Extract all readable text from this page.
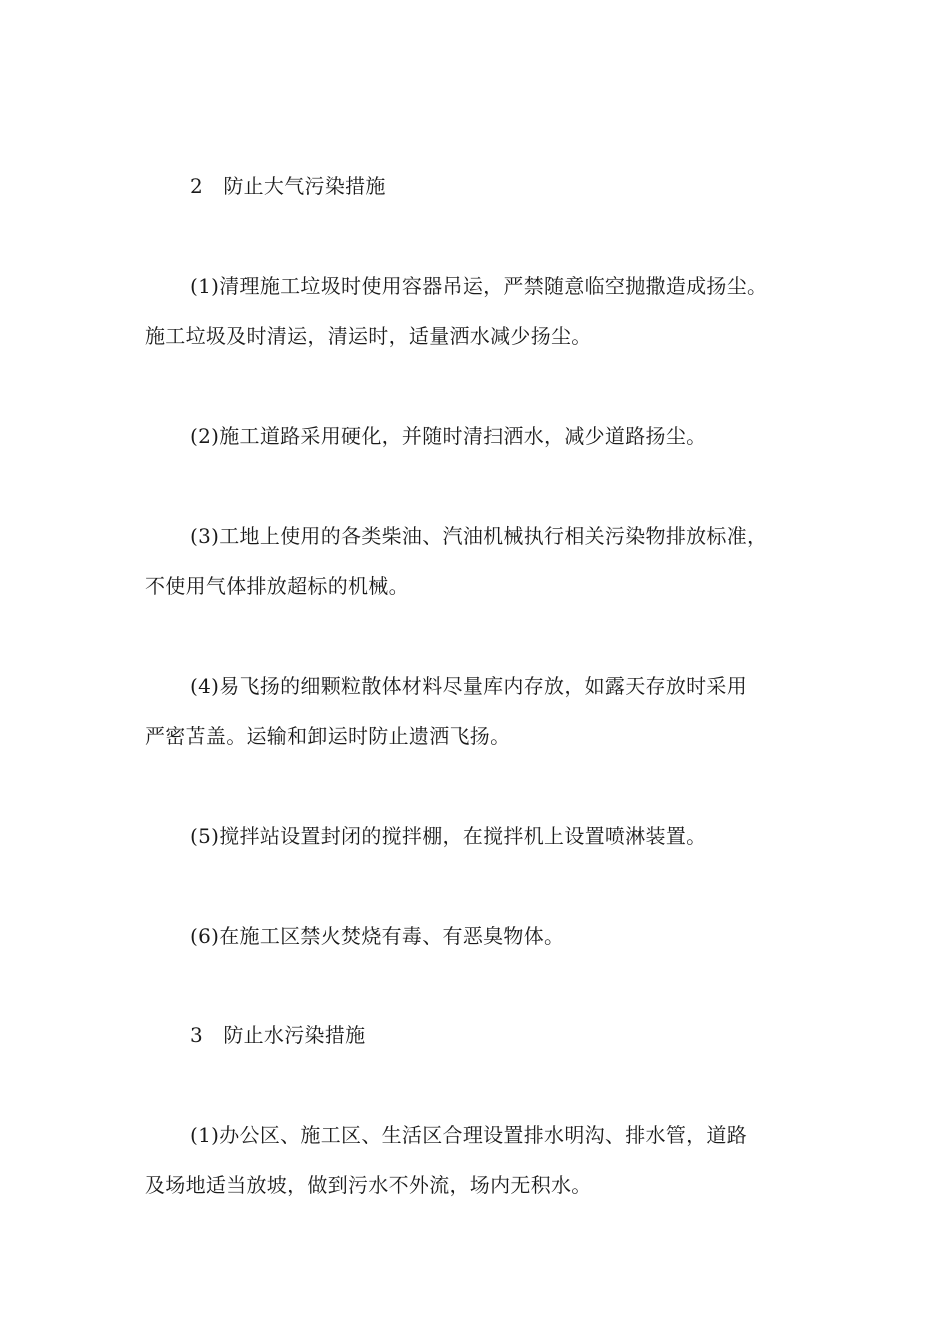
2　防止大气污染措施
(1)清理施工垃圾时使用容器吊运，严禁随意临空抛撒造成扬尘。
施工垃圾及时清运，清运时，适量洒水减少扬尘。
(2)施工道路采用硬化，并随时清扫洒水，减少道路扬尘。
(3)工地上使用的各类柴油、汽油机械执行相关污染物排放标准，
不使用气体排放超标的机械。
(4)易飞扬的细颗粒散体材料尽量库内存放，如露天存放时采用
严密苫盖。运输和卸运时防止遗洒飞扬。
(5)搅拌站设置封闭的搅拌棚，在搅拌机上设置喷淋装置。
(6)在施工区禁火焚烧有毒、有恶臭物体。
3　防止水污染措施
(1)办公区、施工区、生活区合理设置排水明沟、排水管，道路
及场地适当放坡，做到污水不外流，场内无积水。
